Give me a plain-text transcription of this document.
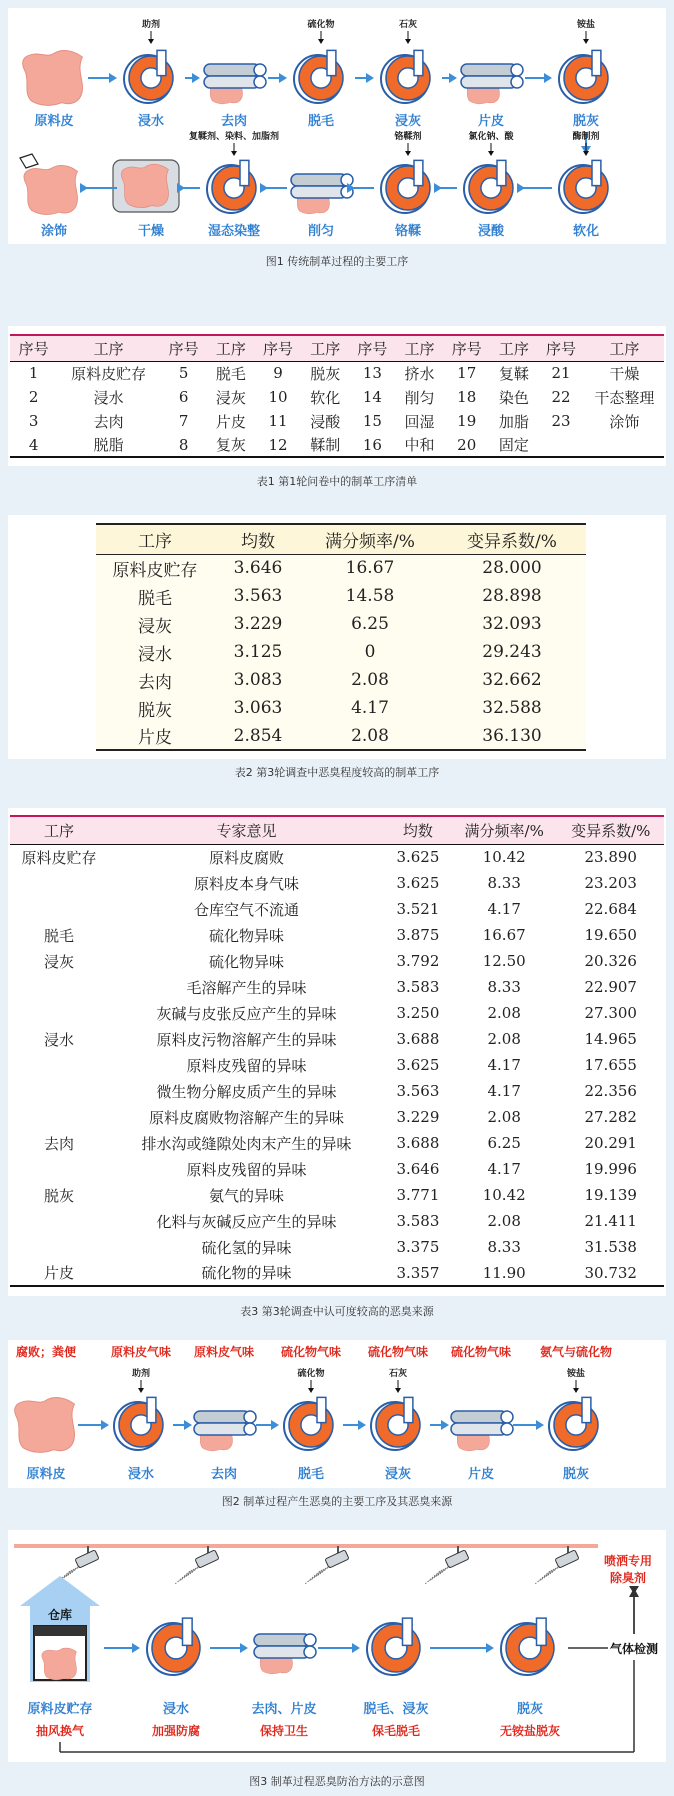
原料皮	浸水
助剂
去肉	脱毛
硫化物
浸灰
石灰
片皮	脱灰
铵盐
涂饰	干燥	湿态染整
复鞣剂、染料、加脂剂
削匀	铬鞣
铬鞣剂
浸酸
氯化钠、酸
软化
酶制剂
图1 传统制革过程的主要工序
序号	工序	序号	工序	序号	工序	序号	工序	序号	工序	序号	工序
1	原料皮贮存	5	脱毛	9	脱灰	13	挤水	17	复鞣	21	干燥
2	浸水	6	浸灰	10	软化	14	削匀	18	染色	22	干态整理
3	去肉	7	片皮	11	浸酸	15	回湿	19	加脂	23	涂饰
4	脱脂	8	复灰	12	鞣制	16	中和	20	固定		
表1 第1轮问卷中的制革工序清单
工序	均数	满分频率/%	变异系数/%
原料皮贮存	3.646	16.67	28.000
脱毛	3.563	14.58	28.898
浸灰	3.229	6.25	32.093
浸水	3.125	0	29.243
去肉	3.083	2.08	32.662
脱灰	3.063	4.17	32.588
片皮	2.854	2.08	36.130
表2 第3轮调查中恶臭程度较高的制革工序
工序	专家意见	均数	满分频率/%	变异系数/%
原料皮贮存	原料皮腐败	3.625	10.42	23.890
	原料皮本身气味	3.625	8.33	23.203
	仓库空气不流通	3.521	4.17	22.684
脱毛	硫化物异味	3.875	16.67	19.650
浸灰	硫化物异味	3.792	12.50	20.326
	毛溶解产生的异味	3.583	8.33	22.907
	灰碱与皮张反应产生的异味	3.250	2.08	27.300
浸水	原料皮污物溶解产生的异味	3.688	2.08	14.965
	原料皮残留的异味	3.625	4.17	17.655
	微生物分解皮质产生的异味	3.563	4.17	22.356
	原料皮腐败物溶解产生的异味	3.229	2.08	27.282
去肉	排水沟或缝隙处肉末产生的异味	3.688	6.25	20.291
	原料皮残留的异味	3.646	4.17	19.996
脱灰	氨气的异味	3.771	10.42	19.139
	化料与灰碱反应产生的异味	3.583	2.08	21.411
	硫化氢的异味	3.375	8.33	31.538
片皮	硫化物的异味	3.357	11.90	30.732
表3 第3轮调查中认可度较高的恶臭来源
腐败；粪便	原料皮气味 原料皮气味 硫化物气味 硫化物气味 硫化物气味 氨气与硫化物
原料皮	浸水
助剂
去肉	脱毛
硫化物
浸灰
石灰
片皮	脱灰
铵盐
图2 制革过程产生恶臭的主要工序及其恶臭来源
喷洒专用
除臭剂
仓库
原料皮贮存
抽风换气
浸水
加强防腐
去肉、片皮
保持卫生
脱毛、浸灰
保毛脱毛
脱灰
无铵盐脱灰
气体检测
图3 制革过程恶臭防治方法的示意图
